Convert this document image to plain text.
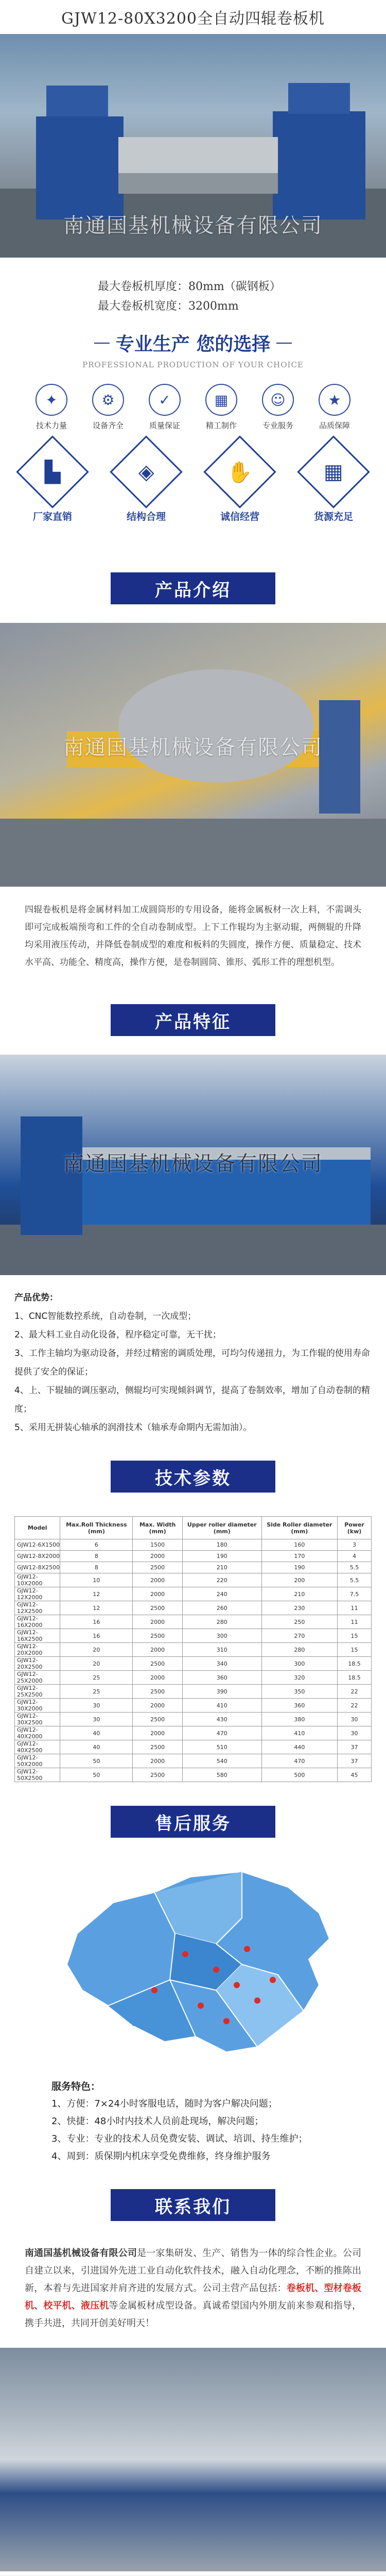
GJW12-80X3200全自动四辊卷板机
南通国基机械设备有限公司
最大卷板机厚度：80mm（碳钢板）
最大卷板机宽度：3200mm
专业生产 您的选择
PROFESSIONAL PRODUCTION OF YOUR CHOICE
✦
技术力量
⚙
设备齐全
✓
质量保证
▦
精工制作
☺
专业服务
★
品质保障
▙
厂家直销
◈
结构合理
✋
诚信经营
▦
货源充足
产品介绍
南通国基机械设备有限公司
四辊卷板机是将金属材料加工成圆筒形的专用设备，能将金属板材一次上料，不需调头即可完成板端预弯和工件的全自动卷制成型。上下工作辊均为主驱动辊，两侧辊的升降均采用液压传动，并降低卷制成型的难度和板料的失圆度，操作方便、质量稳定、技术水平高、功能全、精度高，操作方便，是卷制圆筒、锥形、弧形工件的理想机型。
产品特征
南通国基机械设备有限公司
产品优势：
1、CNC智能数控系统，自动卷制，一次成型；
2、最大料工业自动化设备，程序稳定可靠，无干扰；
3、工作主轴均为驱动设备，并经过精密的调质处理，可均匀传递扭力，为工作辊的使用寿命提供了安全的保证；
4、上、下辊轴的调压驱动，侧辊均可实现倾斜调节，提高了卷制效率，增加了自动卷制的精度；
5、采用无拼装心轴承的润滑技术（轴承寿命期内无需加油）。
技术参数
Model	Max.Roll Thickness (mm)	Max. Width (mm)	Upper roller diameter (mm)	Side Roller diameter (mm)	Power (kw)
GJW12-6X1500	6	1500	180	160	3
GJW12-8X2000	8	2000	190	170	4
GJW12-8X2500	8	2500	210	190	5.5
GJW12-10X2000	10	2000	220	200	5.5
GJW12-12X2000	12	2000	240	210	7.5
GJW12-12X2500	12	2500	260	230	11
GJW12-16X2000	16	2000	280	250	11
GJW12-16X2500	16	2500	300	270	15
GJW12-20X2000	20	2000	310	280	15
GJW12-20X2500	20	2500	340	300	18.5
GJW12-25X2000	25	2000	360	320	18.5
GJW12-25X2500	25	2500	390	350	22
GJW12-30X2000	30	2000	410	360	22
GJW12-30X2500	30	2500	430	380	30
GJW12-40X2000	40	2000	470	410	30
GJW12-40X2500	40	2500	510	440	37
GJW12-50X2000	50	2000	540	470	37
GJW12-50X2500	50	2500	580	500	45
售后服务
服务特色：
1、方便：7×24小时客服电话，随时为客户解决问题；
2、快捷：48小时内技术人员前赴现场，解决问题；
3、专业：专业的技术人员免费安装、调试、培训、持生维护；
4、周到：质保期内机床享受免费维修，终身维护服务
联系我们
南通国基机械设备有限公司是一家集研发、生产、销售为一体的综合性企业。公司自建立以来，引进国外先进工业自动化软件技术，融入自动化理念，不断的推陈出新，本着与先进国家并肩齐进的发展方式。公司主营产品包括：卷板机、型材卷板机、校平机、液压机等金属板材成型设备。真诚希望国内外朋友前来参观和指导，携手共进，共同开创美好明天！
